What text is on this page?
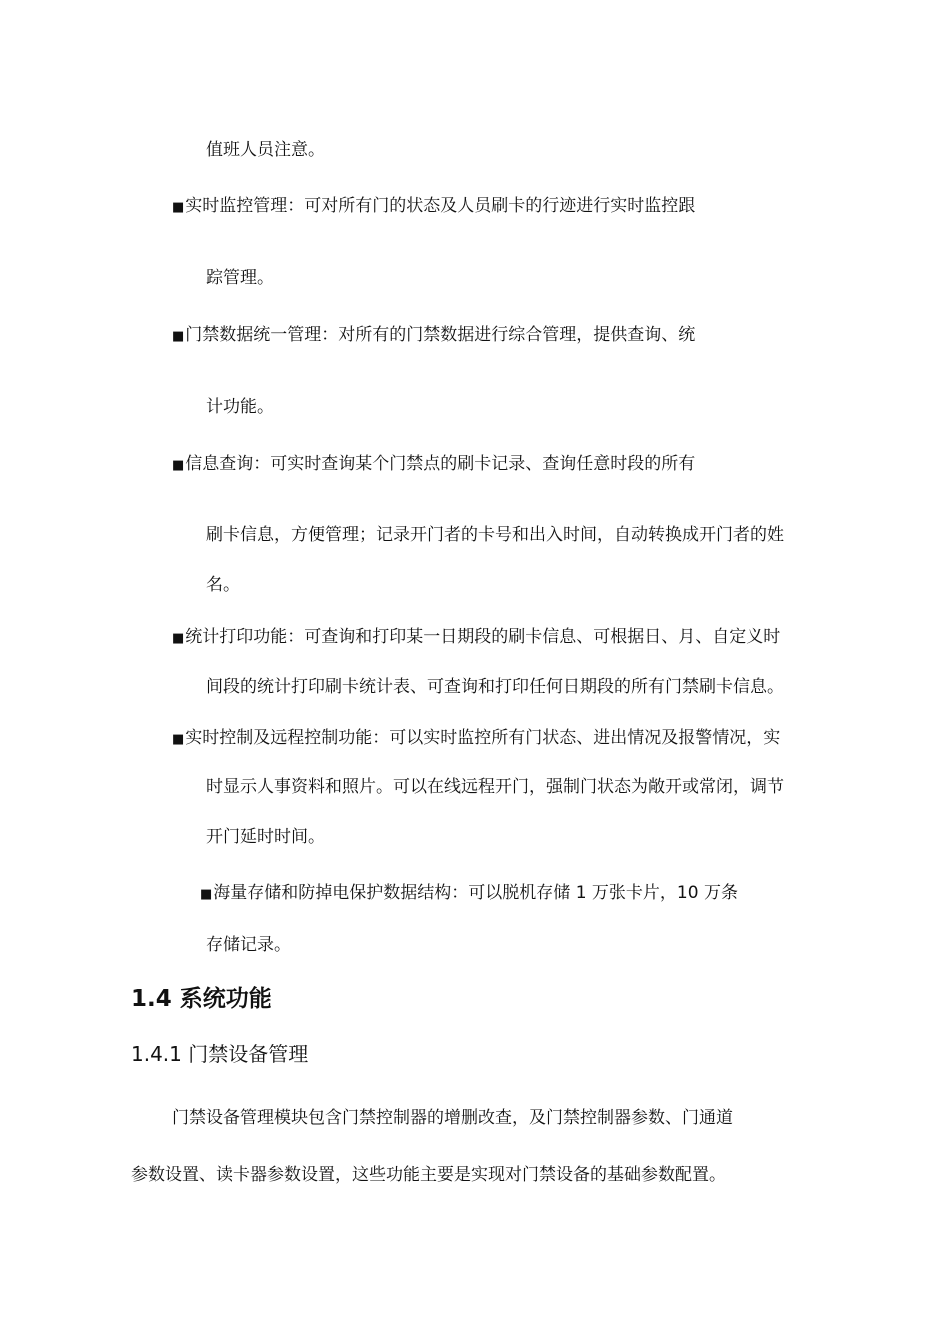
值班人员注意。
■实时监控管理：可对所有门的状态及人员刷卡的行迹进行实时监控跟
踪管理。
■门禁数据统一管理：对所有的门禁数据进行综合管理，提供查询、统
计功能。
■信息查询：可实时查询某个门禁点的刷卡记录、查询任意时段的所有
刷卡信息，方便管理；记录开门者的卡号和出入时间，自动转换成开门者的姓
名。
■统计打印功能：可查询和打印某一日期段的刷卡信息、可根据日、月、自定义时
间段的统计打印刷卡统计表、可查询和打印任何日期段的所有门禁刷卡信息。
■实时控制及远程控制功能：可以实时监控所有门状态、进出情况及报警情况，实
时显示人事资料和照片。可以在线远程开门，强制门状态为敞开或常闭，调节
开门延时时间。
■海量存储和防掉电保护数据结构：可以脱机存储 1 万张卡片，10 万条
存储记录。
1.4 系统功能
1.4.1 门禁设备管理
门禁设备管理模块包含门禁控制器的增删改查，及门禁控制器参数、门通道
参数设置、读卡器参数设置，这些功能主要是实现对门禁设备的基础参数配置。
